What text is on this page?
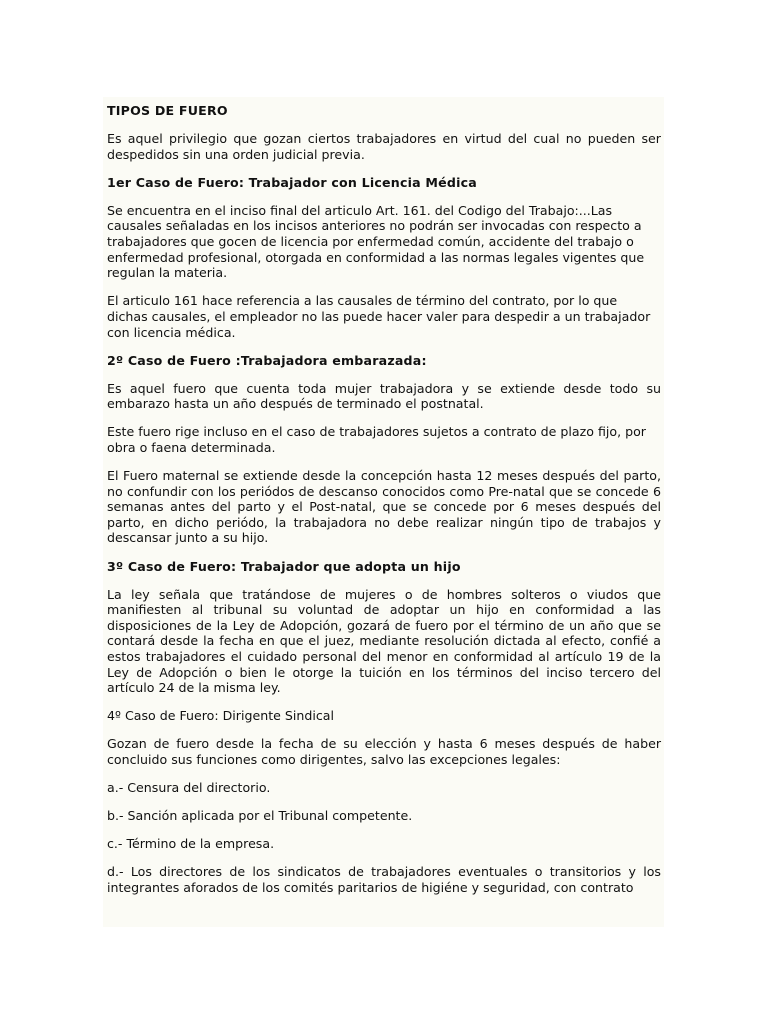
TIPOS DE FUERO

Es aquel privilegio que gozan ciertos trabajadores en virtud del cual no pueden ser despedidos sin una orden judicial previa.

1er Caso de Fuero: Trabajador con Licencia Médica

Se encuentra en el inciso final del articulo Art. 161. del Codigo del Trabajo:...Las causales señaladas en los incisos anteriores no podrán ser invocadas con respecto a trabajadores que gocen de licencia por enfermedad común, accidente del trabajo o enfermedad profesional, otorgada en conformidad a las normas legales vigentes que regulan la materia.

El articulo 161 hace referencia a las causales de término del contrato, por lo que dichas causales, el empleador no las puede hacer valer para despedir a un trabajador con licencia médica.

2º Caso de Fuero :Trabajadora embarazada:

Es aquel fuero que cuenta toda mujer trabajadora y se extiende desde todo su embarazo hasta un año después de terminado el postnatal.

Este fuero rige incluso en el caso de trabajadores sujetos a contrato de plazo fijo, por obra o faena determinada.

El Fuero maternal se extiende desde la concepción hasta 12 meses después del parto, no confundir con los periódos de descanso conocidos como Pre-natal que se concede 6 semanas antes del parto y el Post-natal, que se concede por 6 meses después del parto, en dicho periódo, la trabajadora no debe realizar ningún tipo de trabajos y descansar junto a su hijo.

3º Caso de Fuero: Trabajador que adopta un hijo

La ley señala que tratándose de mujeres o de hombres solteros o viudos que manifiesten al tribunal su voluntad de adoptar un hijo en conformidad a las disposiciones de la Ley de Adopción, gozará de fuero por el término de un año que se contará desde la fecha en que el juez, mediante resolución dictada al efecto, confié a estos trabajadores el cuidado personal del menor en conformidad al artículo 19 de la Ley de Adopción o bien le otorge la tuición en los términos del inciso tercero del artículo 24 de la misma ley.

4º Caso de Fuero: Dirigente Sindical

Gozan de fuero desde la fecha de su elección y hasta 6 meses después de haber concluido sus funciones como dirigentes, salvo las excepciones legales:

a.- Censura del directorio.

b.- Sanción aplicada por el Tribunal competente.

c.- Término de la empresa.

d.- Los directores de los sindicatos de trabajadores eventuales o transitorios y los integrantes aforados de los comités paritarios de higiéne y seguridad, con contrato
